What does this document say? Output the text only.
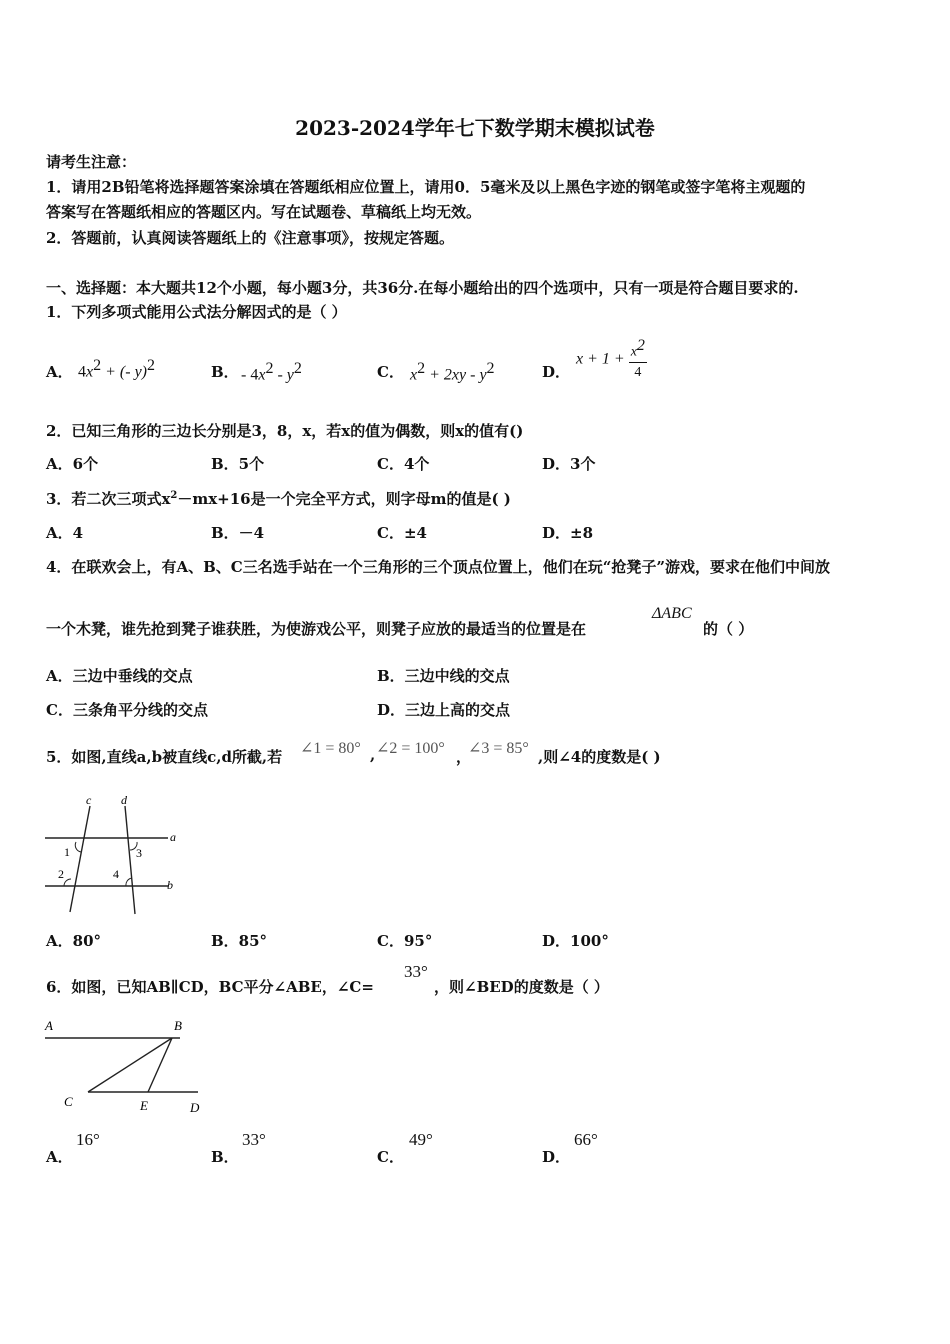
2023-2024学年七下数学期末模拟试卷
请考生注意：
1．请用2B铅笔将选择题答案涂填在答题纸相应位置上，请用0．5毫米及以上黑色字迹的钢笔或签字笔将主观题的
答案写在答题纸相应的答题区内。写在试题卷、草稿纸上均无效。
2．答题前，认真阅读答题纸上的《注意事项》，按规定答题。
一、选择题：本大题共12个小题，每小题3分，共36分.在每小题给出的四个选项中，只有一项是符合题目要求的.
1．下列多项式能用公式法分解因式的是（ ）
A． $4x^2$ + (- y)$^2$	B． - $4x^2 - y^2$	C． $x^2 + 2xy - y^2$	D．
$x + 1 + \frac{x^2}{4}$
2．已知三角形的三边长分别是3，8，x，若x的值为偶数，则x的值有()
A．6个	B．5个	C．4个	D．3个
3．若二次三项式$x^2-mx+16$是一个完全平方式，则字母m的值是( )
A．4	B．－4	C．±4	D．±8
4．在联欢会上，有A、B、C三名选手站在一个三角形的三个顶点位置上，他们在玩“抢凳子”游戏，要求在他们中间放
一个木凳，谁先抢到凳子谁获胜，为使游戏公平，则凳子应放的最适当的位置是在
ΔABC
的（ ）
A．三边中垂线的交点	B．三边中线的交点
C．三条角平分线的交点	D．三边上高的交点
5．如图,直线a,b被直线c,d所截,若 ∠1 = 80° , ∠2 = 100° ，
∠3 = 85° ,则∠4的度数是( )
c d
a
b
1	3
2	4
A．80°	B．85°	C．95°	D．100°
6．如图，已知AB∥CD，BC平分∠ABE，∠C=
33°
，则∠BED的度数是（ ）
A	B
C	E	D
A．
16°
B．
33°
C．
49°
D．
66°
